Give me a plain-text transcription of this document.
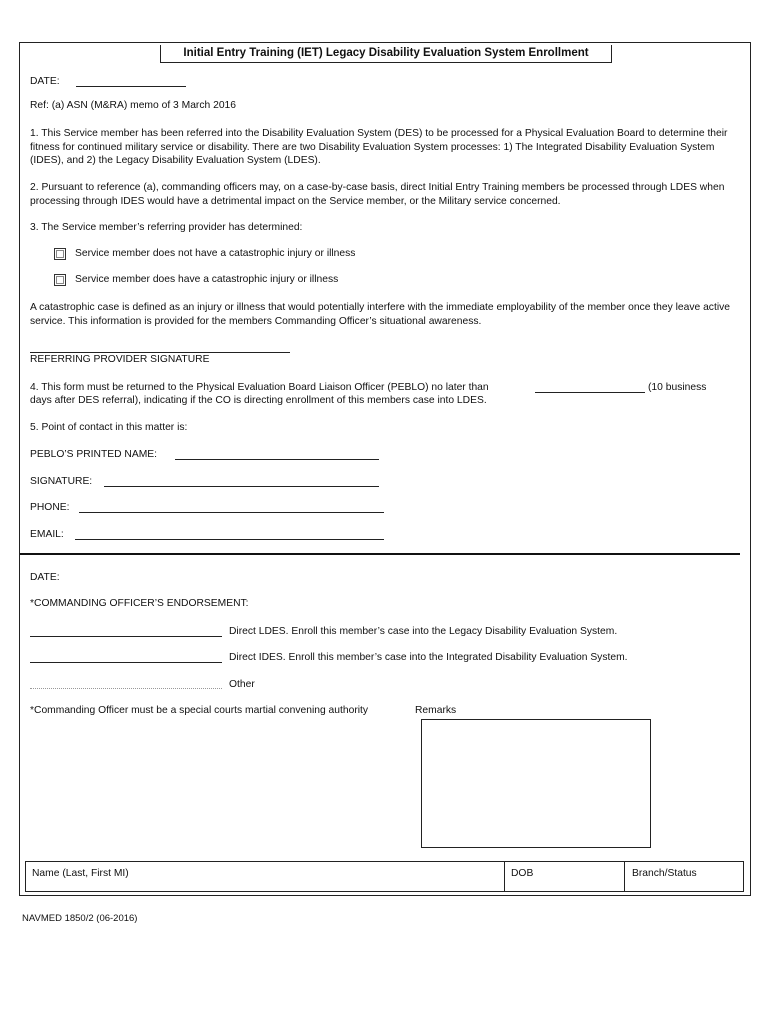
Initial Entry Training (IET) Legacy Disability Evaluation System Enrollment
DATE:
Ref: (a) ASN (M&RA) memo of 3 March 2016
1. This Service member has been referred into the Disability Evaluation System (DES) to be processed for a Physical Evaluation Board to determine their fitness for continued military service or disability. There are two Disability Evaluation System processes: 1) The Integrated Disability Evaluation System (IDES), and 2) the Legacy Disability Evaluation System (LDES).
2. Pursuant to reference (a), commanding officers may, on a case-by-case basis, direct Initial Entry Training members be processed through LDES when processing through IDES would have a detrimental impact on the Service member, or the Military service concerned.
3. The Service member’s referring provider has determined:
Service member does not have a catastrophic injury or illness
Service member does have a catastrophic injury or illness
A catastrophic case is defined as an injury or illness that would potentially interfere with the immediate employability of the member once they leave active service. This information is provided for the members Commanding Officer’s situational awareness.
REFERRING PROVIDER SIGNATURE
4. This form must be returned to the Physical Evaluation Board Liaison Officer (PEBLO) no later than	(10 business
days after DES referral), indicating if the CO is directing enrollment of this members case into LDES.
5. Point of contact in this matter is:
PEBLO’S PRINTED NAME:
SIGNATURE:
PHONE:
EMAIL:
DATE:
*COMMANDING OFFICER’S ENDORSEMENT:
Direct LDES. Enroll this member’s case into the Legacy Disability Evaluation System.
Direct IDES. Enroll this member’s case into the Integrated Disability Evaluation System.
Other
*Commanding Officer must be a special courts martial convening authority	Remarks
Name (Last, First MI)	DOB	Branch/Status
NAVMED 1850/2 (06-2016)
